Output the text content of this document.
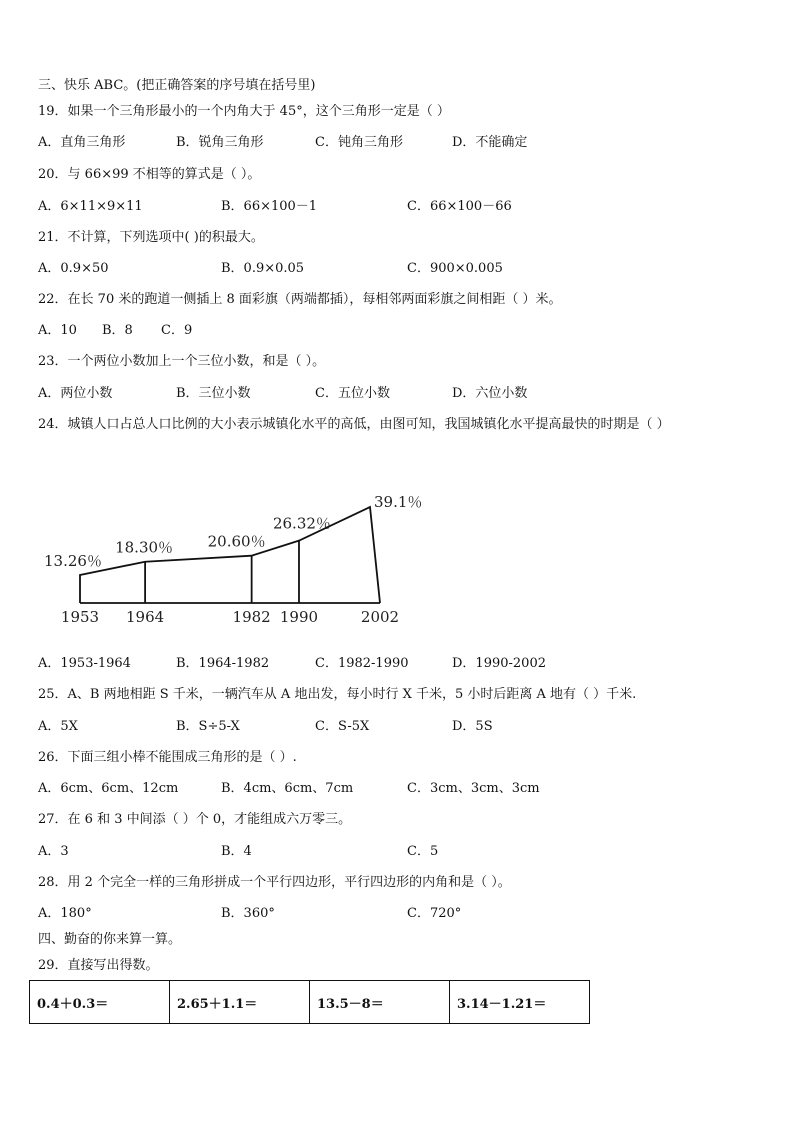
三、快乐 ABC。(把正确答案的序号填在括号里)
19．如果一个三角形最小的一个内角大于 45°，这个三角形一定是（ ）
A．直角三角形	B．锐角三角形	C．钝角三角形	D．不能确定
20．与 66×99 不相等的算式是（ ）。
A．6×11×9×11	B．66×100－1	C．66×100－66
21．不计算，下列选项中( )的积最大。
A．0.9×50	B．0.9×0.05	C．900×0.005
22．在长 70 米的跑道一侧插上 8 面彩旗（两端都插），每相邻两面彩旗之间相距（ ）米。
A．10 B．8 C．9
23．一个两位小数加上一个三位小数，和是（ ）。
A．两位小数	B．三位小数	C．五位小数	D．六位小数
24．城镇人口占总人口比例的大小表示城镇化水平的高低，由图可知，我国城镇化水平提高最快的时期是（ ）
13.26％
18.30％ 20.60％
26.32％
39.1％
1953 1964	1982 1990	2002
A．1953-1964	B．1964-1982	C．1982-1990	D．1990-2002
25．A、B 两地相距 S 千米，一辆汽车从 A 地出发，每小时行 X 千米，5 小时后距离 A 地有（ ）千米.
A．5X	B．S÷5-X	C．S-5X	D．5S
26．下面三组小棒不能围成三角形的是（ ）.
A．6cm、6cm、12cm	B．4cm、6cm、7cm	C．3cm、3cm、3cm
27．在 6 和 3 中间添（ ）个 0，才能组成六万零三。
A．3	B．4	C．5
28．用 2 个完全一样的三角形拼成一个平行四边形，平行四边形的内角和是（ ）。
A．180°	B．360°	C．720°
四、勤奋的你来算一算。
29．直接写出得数。
0.4＋0.3＝	2.65＋1.1＝	13.5－8＝	3.14－1.21＝
